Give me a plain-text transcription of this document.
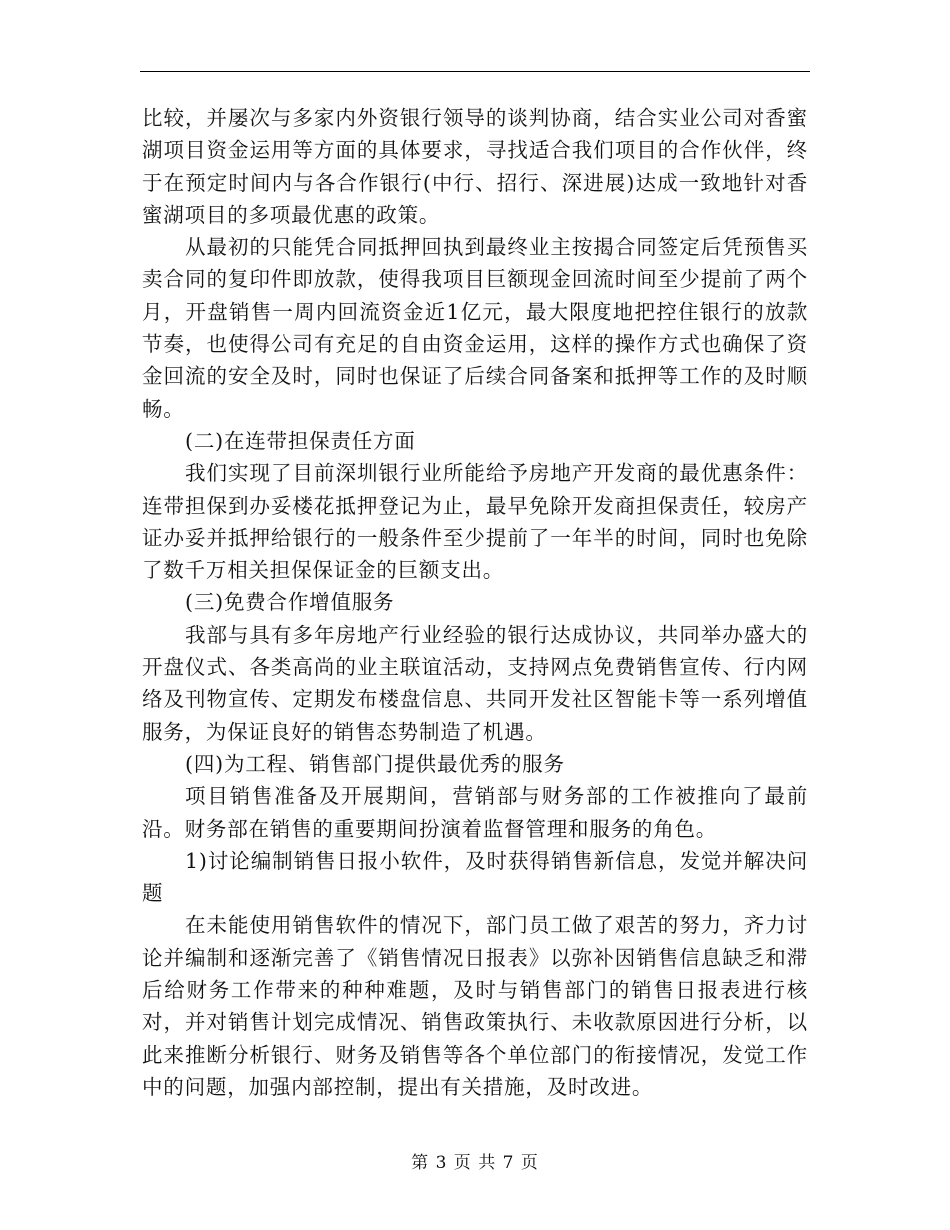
比较，并屡次与多家内外资银行领导的谈判协商，结合实业公司对香蜜湖项目资金运用等方面的具体要求，寻找适合我们项目的合作伙伴，终于在预定时间内与各合作银行(中行、招行、深进展)达成一致地针对香蜜湖项目的多项最优惠的政策。

从最初的只能凭合同抵押回执到最终业主按揭合同签定后凭预售买卖合同的复印件即放款，使得我项目巨额现金回流时间至少提前了两个月，开盘销售一周内回流资金近1亿元，最大限度地把控住银行的放款节奏，也使得公司有充足的自由资金运用，这样的操作方式也确保了资金回流的安全及时，同时也保证了后续合同备案和抵押等工作的及时顺畅。

(二)在连带担保责任方面

我们实现了目前深圳银行业所能给予房地产开发商的最优惠条件：连带担保到办妥楼花抵押登记为止，最早免除开发商担保责任，较房产证办妥并抵押给银行的一般条件至少提前了一年半的时间，同时也免除了数千万相关担保保证金的巨额支出。

(三)免费合作增值服务

我部与具有多年房地产行业经验的银行达成协议，共同举办盛大的开盘仪式、各类高尚的业主联谊活动，支持网点免费销售宣传、行内网络及刊物宣传、定期发布楼盘信息、共同开发社区智能卡等一系列增值服务，为保证良好的销售态势制造了机遇。

(四)为工程、销售部门提供最优秀的服务

项目销售准备及开展期间，营销部与财务部的工作被推向了最前沿。财务部在销售的重要期间扮演着监督管理和服务的角色。

1)讨论编制销售日报小软件，及时获得销售新信息，发觉并解决问题

在未能使用销售软件的情况下，部门员工做了艰苦的努力，齐力讨论并编制和逐渐完善了《销售情况日报表》以弥补因销售信息缺乏和滞后给财务工作带来的种种难题，及时与销售部门的销售日报表进行核对，并对销售计划完成情况、销售政策执行、未收款原因进行分析，以此来推断分析银行、财务及销售等各个单位部门的衔接情况，发觉工作中的问题，加强内部控制，提出有关措施，及时改进。

第 3 页 共 7 页
